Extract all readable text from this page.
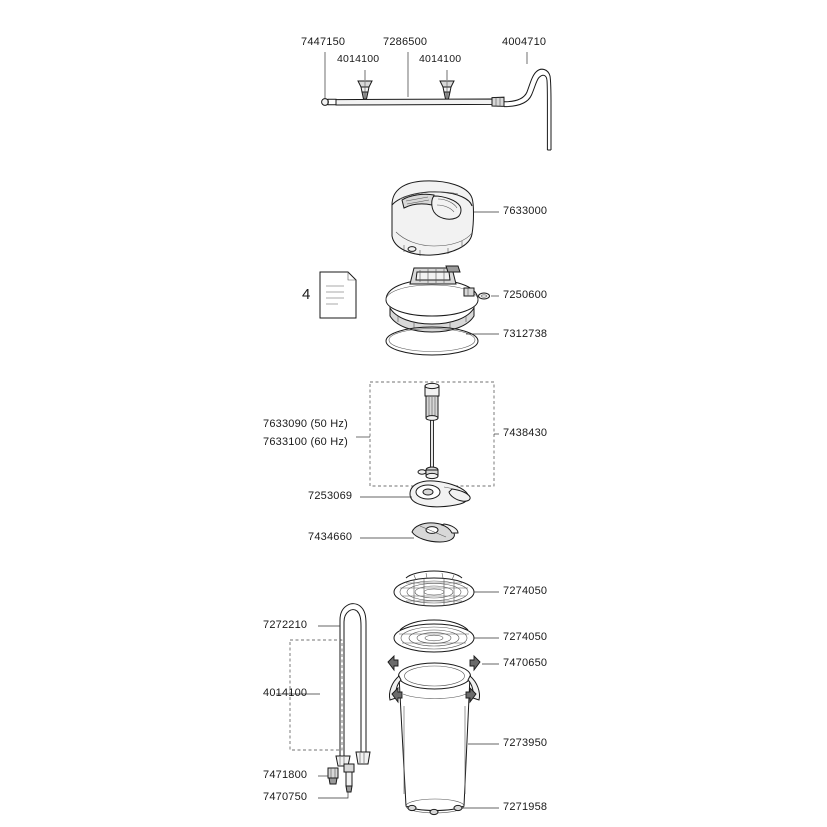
7447150	7286500
4014100	4014100
4004710
7633000
7250600
7312738
4
7633090 (50 Hz)
7633100 (60 Hz)
7438430
7253069
7434660
7274050
7274050
7470650
7273950
7271958
7272210
4014100
7471800
7470750
